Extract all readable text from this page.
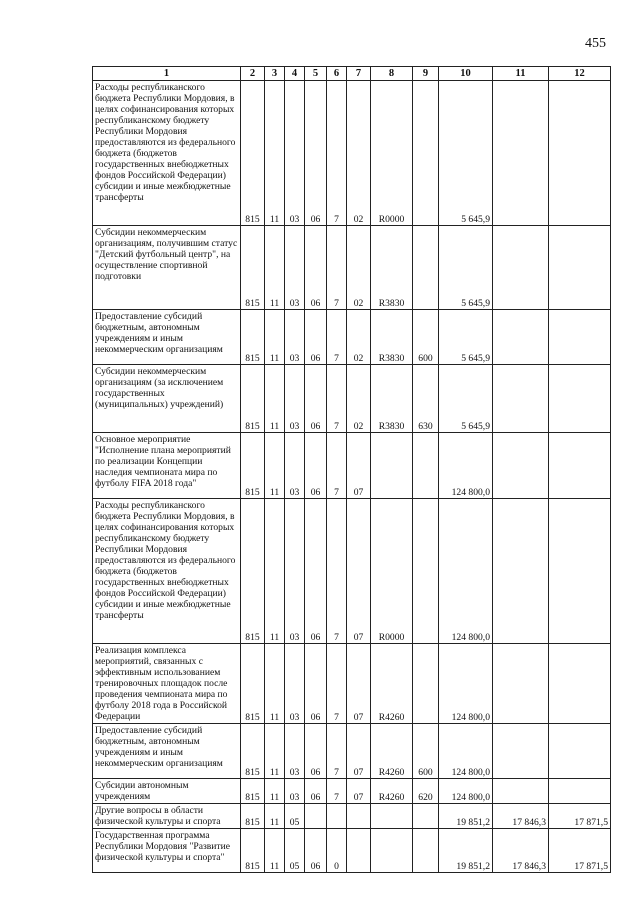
455
1	2	3	4	5	6	7	8	9	10	11	12
Расходы республиканского бюджета Республики Мордовия, в целях софинансирования которых республиканскому бюджету Республики Мордовия предоставляются из федерального бюджета (бюджетов государственных внебюджетных фондов Российской Федерации) субсидии и иные межбюджетные трансферты	815	11	03	06	7	02	R0000		5 645,9		
Субсидии некоммерческим организациям, получившим статус "Детский футбольный центр", на осуществление спортивной подготовки	815	11	03	06	7	02	R3830		5 645,9		
Предоставление субсидий бюджетным, автономным учреждениям и иным некоммерческим организациям	815	11	03	06	7	02	R3830	600	5 645,9		
Субсидии некоммерческим организациям (за исключением государственных (муниципальных) учреждений)	815	11	03	06	7	02	R3830	630	5 645,9		
Основное мероприятие "Исполнение плана мероприятий по реализации Концепции наследия чемпионата мира по футболу FIFA 2018 года"	815	11	03	06	7	07			124 800,0		
Расходы республиканского бюджета Республики Мордовия, в целях софинансирования которых республиканскому бюджету Республики Мордовия предоставляются из федерального бюджета (бюджетов государственных внебюджетных фондов Российской Федерации) субсидии и иные межбюджетные трансферты	815	11	03	06	7	07	R0000		124 800,0		
Реализация комплекса мероприятий, связанных с эффективным использованием тренировочных площадок после проведения чемпионата мира по футболу 2018 года в Российской Федерации	815	11	03	06	7	07	R4260		124 800,0		
Предоставление субсидий бюджетным, автономным учреждениям и иным некоммерческим организациям	815	11	03	06	7	07	R4260	600	124 800,0		
Субсидии автономным учреждениям	815	11	03	06	7	07	R4260	620	124 800,0		
Другие вопросы в области физической культуры и спорта	815	11	05						19 851,2	17 846,3	17 871,5
Государственная программа Республики Мордовия "Развитие физической культуры и спорта"	815	11	05	06	0				19 851,2	17 846,3	17 871,5
